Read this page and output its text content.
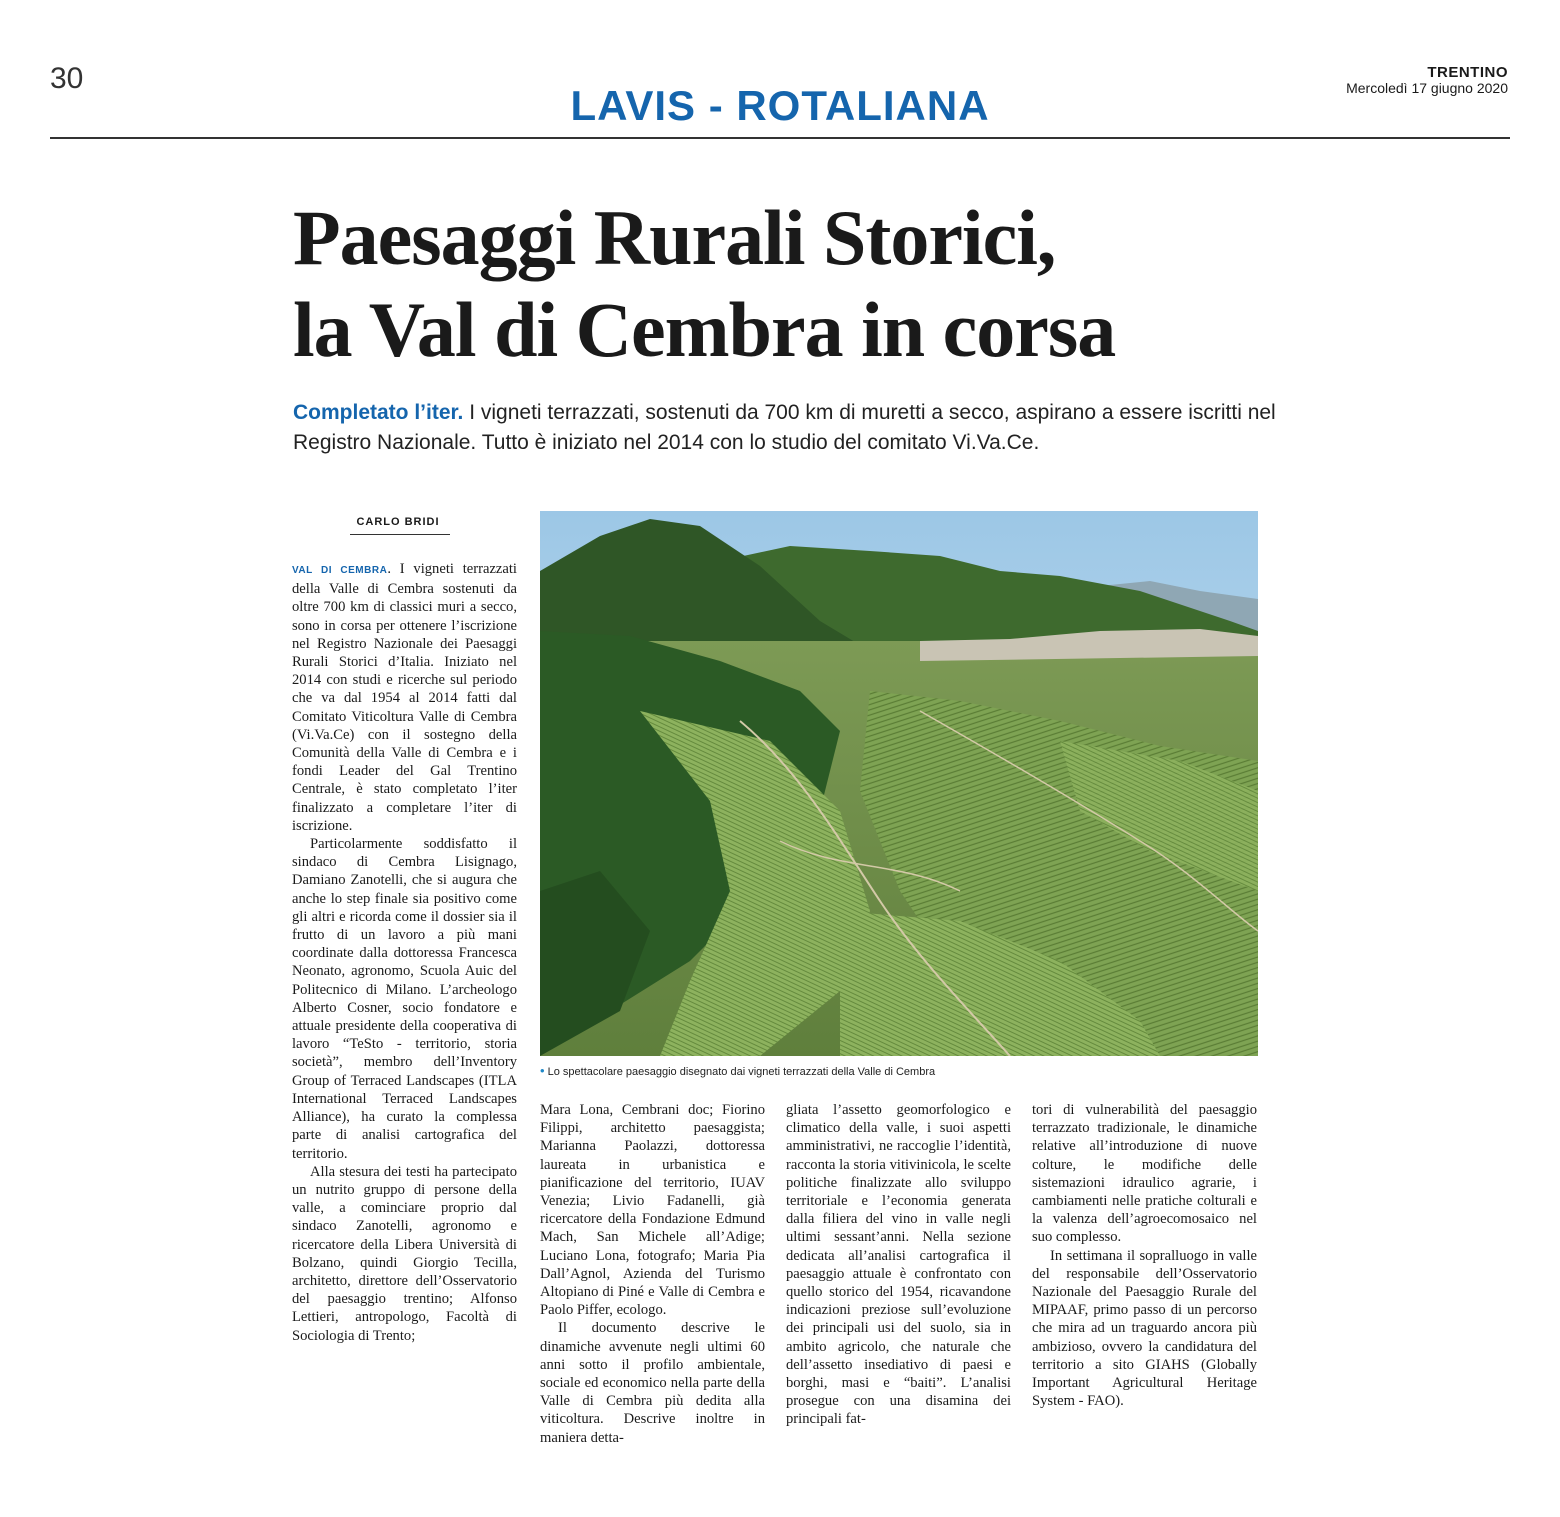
30	TRENTINO
Mercoledì 17 giugno 2020
LAVIS - ROTALIANA
Paesaggi Rurali Storici,
la Val di Cembra in corsa
Completato l’iter. I vigneti terrazzati, sostenuti da 700 km di muretti a secco, aspirano a essere iscritti nel Registro Nazionale. Tutto è iniziato nel 2014 con lo studio del comitato Vi.Va.Ce.
CARLO BRIDI

VAL DI CEMBRA. I vigneti terrazzati della Valle di Cembra sostenuti da oltre 700 km di classici muri a secco, sono in corsa per ottenere l’iscrizione nel Registro Nazionale dei Paesaggi Rurali Storici d’Italia. Iniziato nel 2014 con studi e ricerche sul periodo che va dal 1954 al 2014 fatti dal Comitato Viticoltura Valle di Cembra (Vi.Va.Ce) con il sostegno della Comunità della Valle di Cembra e i fondi Leader del Gal Trentino Centrale, è stato completato l’iter finalizzato a completare l’iter di iscrizione.

Particolarmente soddisfatto il sindaco di Cembra Lisignago, Damiano Zanotelli, che si augura che anche lo step finale sia positivo come gli altri e ricorda come il dossier sia il frutto di un lavoro a più mani coordinate dalla dottoressa Francesca Neonato, agronomo, Scuola Auic del Politecnico di Milano. L’archeologo Alberto Cosner, socio fondatore e attuale presidente della cooperativa di lavoro “TeSto - territorio, storia società”, membro dell’Inventory Group of Terraced Landscapes (ITLA International Terraced Landscapes Alliance), ha curato la complessa parte di analisi cartografica del territorio.

Alla stesura dei testi ha partecipato un nutrito gruppo di persone della valle, a cominciare proprio dal sindaco Zanotelli, agronomo e ricercatore della Libera Università di Bolzano, quindi Giorgio Tecilla, architetto, direttore dell’Osservatorio del paesaggio trentino; Alfonso Lettieri, antropologo, Facoltà di Sociologia di Trento;

• Lo spettacolare paesaggio disegnato dai vigneti terrazzati della Valle di Cembra

Mara Lona, Cembrani doc; Fiorino Filippi, architetto paesaggista; Marianna Paolazzi, dottoressa laureata in urbanistica e pianificazione del territorio, IUAV Venezia; Livio Fadanelli, già ricercatore della Fondazione Edmund Mach, San Michele all’Adige; Luciano Lona, fotografo; Maria Pia Dall’Agnol, Azienda del Turismo Altopiano di Piné e Valle di Cembra e Paolo Piffer, ecologo.

Il documento descrive le dinamiche avvenute negli ultimi 60 anni sotto il profilo ambientale, sociale ed economico nella parte della Valle di Cembra più dedita alla viticoltura. Descrive inoltre in maniera detta-

gliata l’assetto geomorfologico e climatico della valle, i suoi aspetti amministrativi, ne raccoglie l’identità, racconta la storia vitivinicola, le scelte politiche finalizzate allo sviluppo territoriale e l’economia generata dalla filiera del vino in valle negli ultimi sessant’anni. Nella sezione dedicata all’analisi cartografica il paesaggio attuale è confrontato con quello storico del 1954, ricavandone indicazioni preziose sull’evoluzione dei principali usi del suolo, sia in ambito agricolo, che naturale che dell’assetto insediativo di paesi e borghi, masi e “baiti”. L’analisi prosegue con una disamina dei principali fat-

tori di vulnerabilità del paesaggio terrazzato tradizionale, le dinamiche relative all’introduzione di nuove colture, le modifiche delle sistemazioni idraulico agrarie, i cambiamenti nelle pratiche colturali e la valenza dell’agroecomosaico nel suo complesso.

In settimana il sopralluogo in valle del responsabile dell’Osservatorio Nazionale del Paesaggio Rurale del MIPAAF, primo passo di un percorso che mira ad un traguardo ancora più ambizioso, ovvero la candidatura del territorio a sito GIAHS (Globally Important Agricultural Heritage System - FAO).
